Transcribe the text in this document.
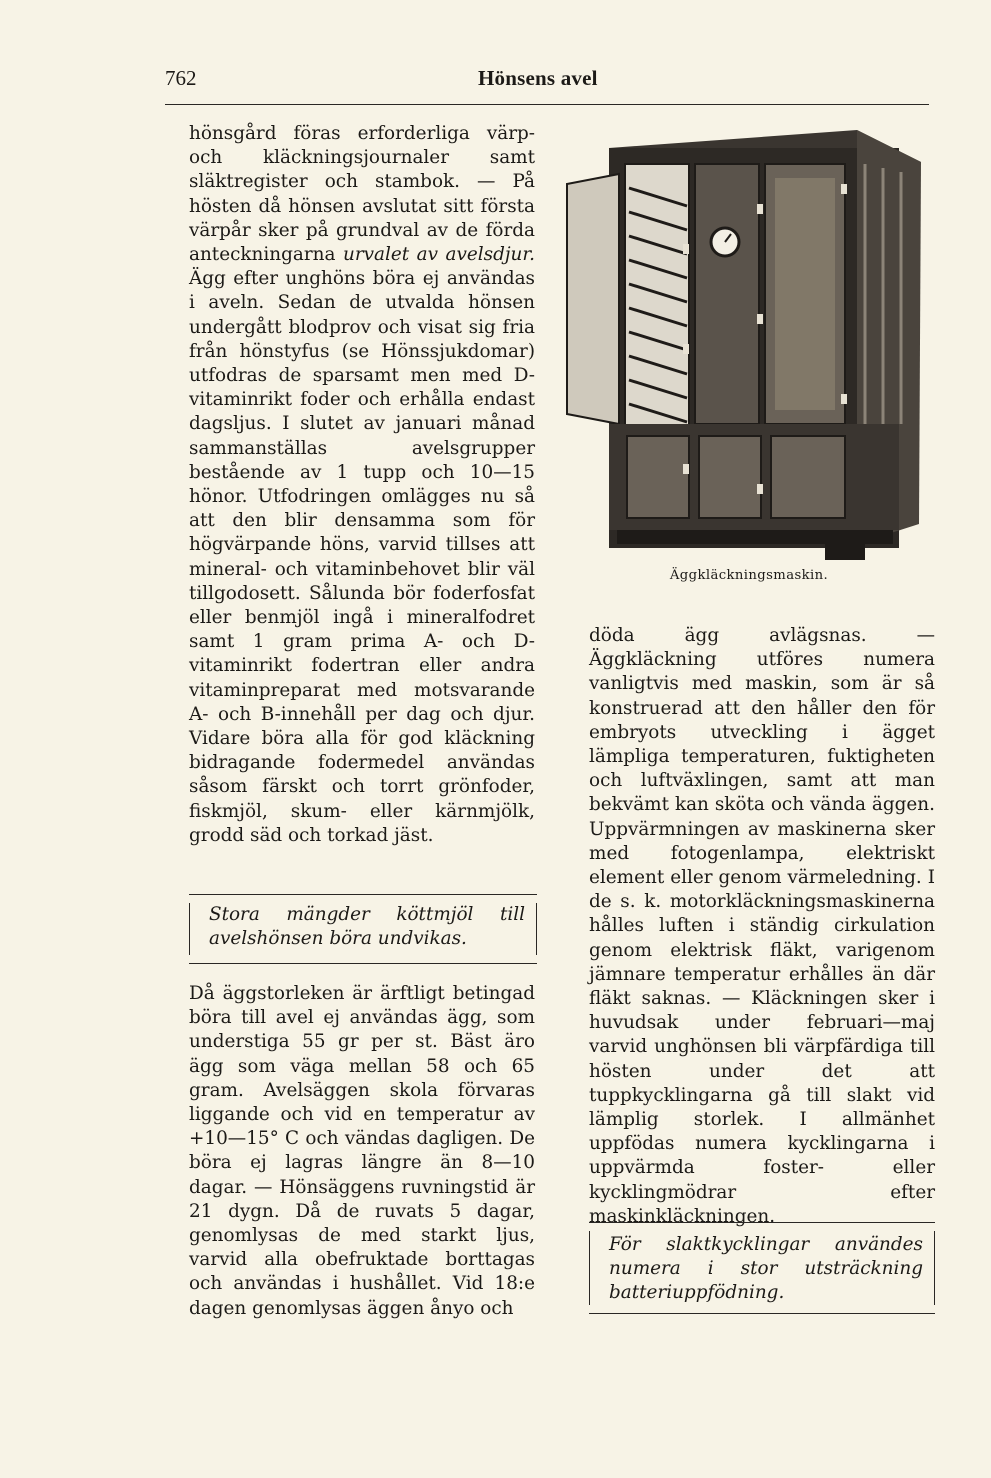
762	Hönsens avel

hönsgård föras erforderliga värp- och kläckningsjournaler samt släktregister och stambok. — På hösten då hönsen avslutat sitt första värpår sker på grundval av de förda anteckningarna urvalet av avelsdjur. Ägg efter unghöns böra ej användas i aveln. Sedan de utvalda hönsen undergått blodprov och visat sig fria från hönstyfus (se Hönssjukdomar) utfodras de sparsamt men med D-vitaminrikt foder och erhålla endast dagsljus. I slutet av januari månad sammanställas avelsgrupper bestående av 1 tupp och 10—15 hönor. Utfodringen omlägges nu så att den blir densamma som för högvärpande höns, varvid tillses att mineral- och vitaminbehovet blir väl tillgodosett. Sålunda bör foderfosfat eller benmjöl ingå i mineralfodret samt 1 gram prima A- och D-vitaminrikt fodertran eller andra vitaminpreparat med motsvarande A- och B-innehåll per dag och djur. Vidare böra alla för god kläckning bidragande fodermedel användas såsom färskt och torrt grönfoder, fiskmjöl, skum- eller kärnmjölk, grodd säd och torkad jäst.

Stora mängder köttmjöl till avelshönsen böra undvikas.

Då äggstorleken är ärftligt betingad böra till avel ej användas ägg, som understiga 55 gr per st. Bäst äro ägg som väga mellan 58 och 65 gram. Avelsäggen skola förvaras liggande och vid en temperatur av +10—15° C och vändas dagligen. De böra ej lagras längre än 8—10 dagar. — Hönsäggens ruvningstid är 21 dygn. Då de ruvats 5 dagar, genomlysas de med starkt ljus, varvid alla obefruktade borttagas och användas i hushållet. Vid 18:e dagen genomlysas äggen ånyo och

Äggkläckningsmaskin.

döda ägg avlägsnas. — Äggkläckning utföres numera vanligtvis med maskin, som är så konstruerad att den håller den för embryots utveckling i ägget lämpliga temperaturen, fuktigheten och luftväxlingen, samt att man bekvämt kan sköta och vända äggen. Uppvärmningen av maskinerna sker med fotogenlampa, elektriskt element eller genom värmeledning. I de s. k. motorkläckningsmaskinerna hålles luften i ständig cirkulation genom elektrisk fläkt, varigenom jämnare temperatur erhålles än där fläkt saknas. — Kläckningen sker i huvudsak under februari—maj varvid unghönsen bli värpfärdiga till hösten under det att tuppkycklingarna gå till slakt vid lämplig storlek. I allmänhet uppfödas numera kycklingarna i uppvärmda foster- eller kycklingmödrar efter maskinkläckningen.

För slaktkycklingar användes numera i stor utsträckning batteriuppfödning.
